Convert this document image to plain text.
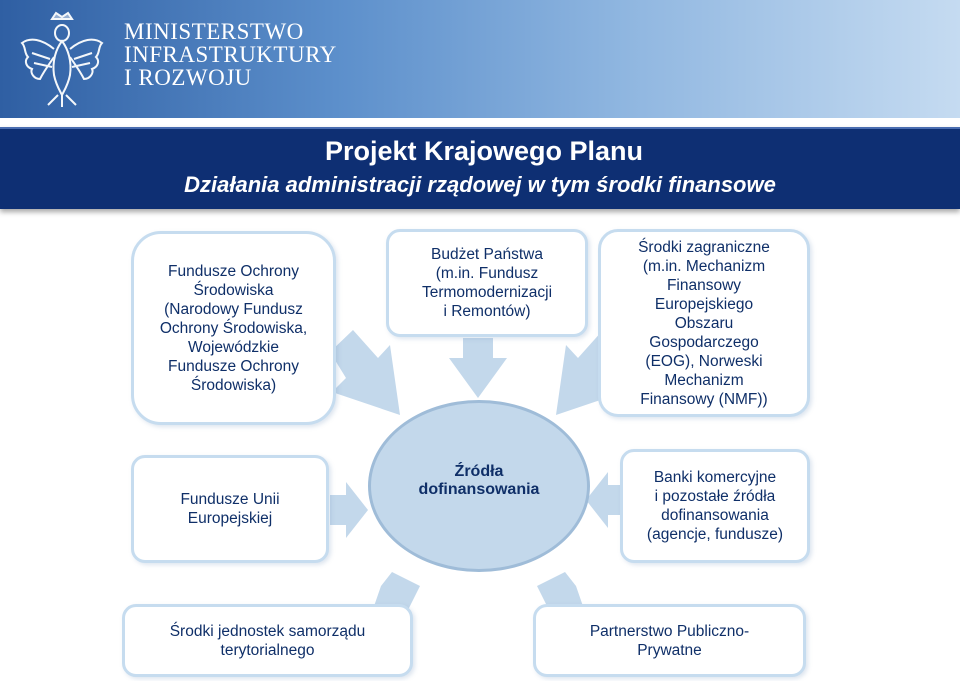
MINISTERSTWO
INFRASTRUKTURY
I ROZWOJU
Projekt Krajowego Planu
Działania administracji rządowej w tym środki finansowe
Fundusze Ochrony
Środowiska
(Narodowy Fundusz
Ochrony Środowiska,
Wojewódzkie
Fundusze Ochrony
Środowiska)
Budżet Państwa
(m.in. Fundusz
Termomodernizacji
i Remontów)
Środki zagraniczne
(m.in. Mechanizm
Finansowy
Europejskiego
Obszaru
Gospodarczego
(EOG), Norweski
Mechanizm
Finansowy (NMF))
Fundusze Unii
Europejskiej
Banki komercyjne
i pozostałe źródła
dofinansowania
(agencje, fundusze)
Środki jednostek samorządu
terytorialnego
Partnerstwo Publiczno-
Prywatne
Źródła
dofinansowania
